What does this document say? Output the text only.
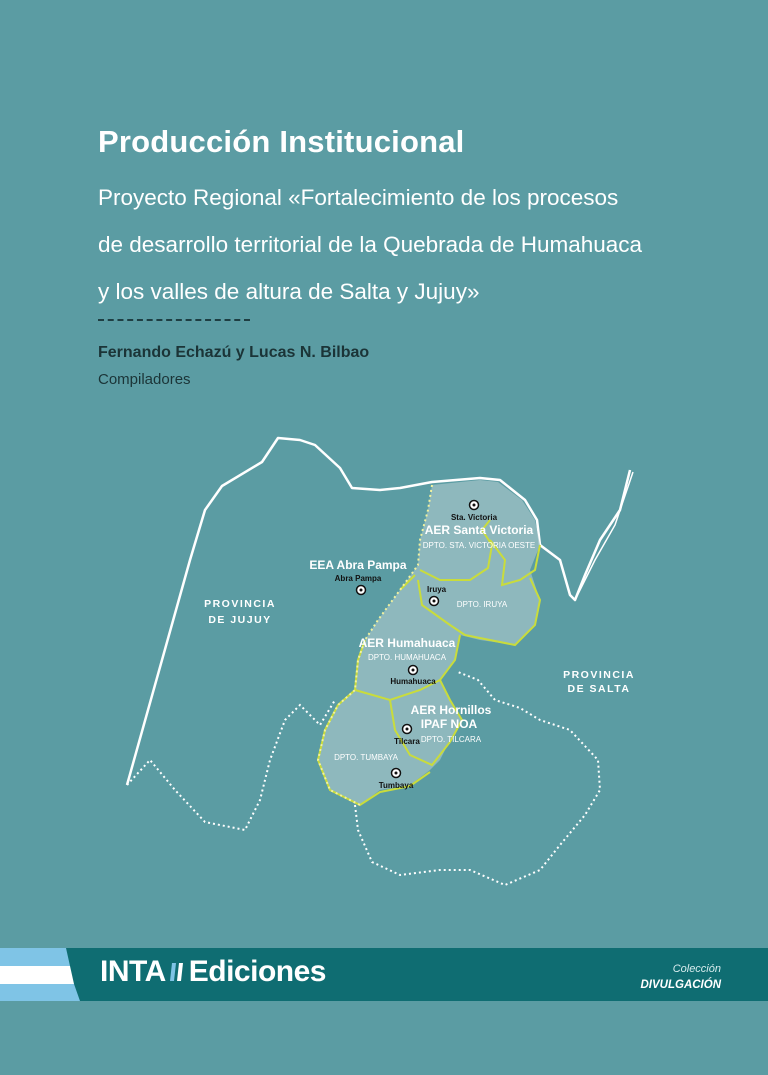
Producción Institucional
Proyecto Regional «Fortalecimiento de los procesos
de desarrollo territorial de la Quebrada de Humahuaca
y los valles de altura de Salta y Jujuy»
Fernando Echazú y Lucas N. Bilbao
Compiladores
PROVINCIA
DE JUJUY
PROVINCIA
DE SALTA
EEA Abra Pampa
Abra Pampa
Sta. Victoria
AER Santa Victoria
DPTO. STA. VICTORIA OESTE
Iruya
DPTO. IRUYA
AER Humahuaca
DPTO. HUMAHUACA
Humahuaca
AER Hornillos
IPAF NOA
Tilcara DPTO. TILCARA
DPTO. TUMBAYA
Tumbaya
INTA Ediciones	Colección
DIVULGACIÓN
